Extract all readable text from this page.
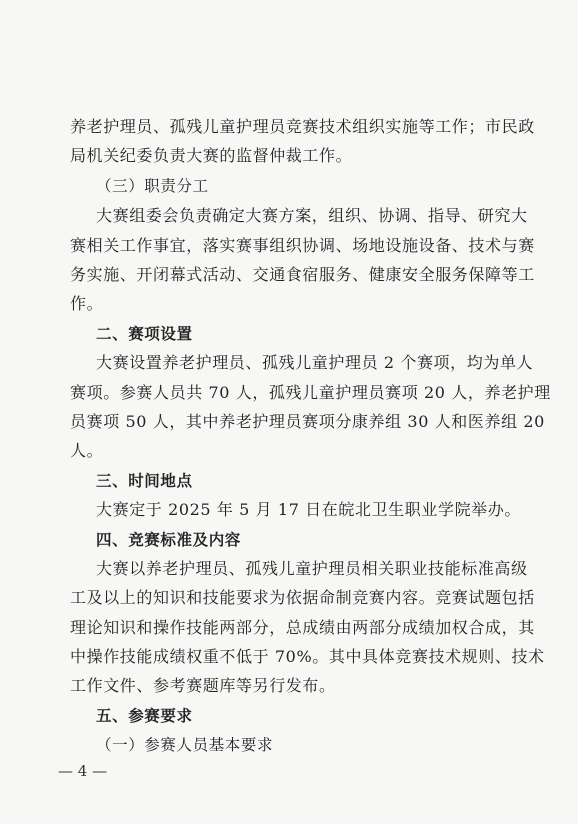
养老护理员、孤残儿童护理员竞赛技术组织实施等工作；市民政
局机关纪委负责大赛的监督仲裁工作。
（三）职责分工
大赛组委会负责确定大赛方案，组织、协调、指导、研究大
赛相关工作事宜，落实赛事组织协调、场地设施设备、技术与赛
务实施、开闭幕式活动、交通食宿服务、健康安全服务保障等工
作。
二、赛项设置
大赛设置养老护理员、孤残儿童护理员 2 个赛项，均为单人
赛项。参赛人员共 70 人，孤残儿童护理员赛项 20 人，养老护理
员赛项 50 人，其中养老护理员赛项分康养组 30 人和医养组 20
人。
三、时间地点
大赛定于 2025 年 5 月 17 日在皖北卫生职业学院举办。
四、竞赛标准及内容
大赛以养老护理员、孤残儿童护理员相关职业技能标准高级
工及以上的知识和技能要求为依据命制竞赛内容。竞赛试题包括
理论知识和操作技能两部分，总成绩由两部分成绩加权合成，其
中操作技能成绩权重不低于 70%。其中具体竞赛技术规则、技术
工作文件、参考赛题库等另行发布。
五、参赛要求
（一）参赛人员基本要求
— 4 —
